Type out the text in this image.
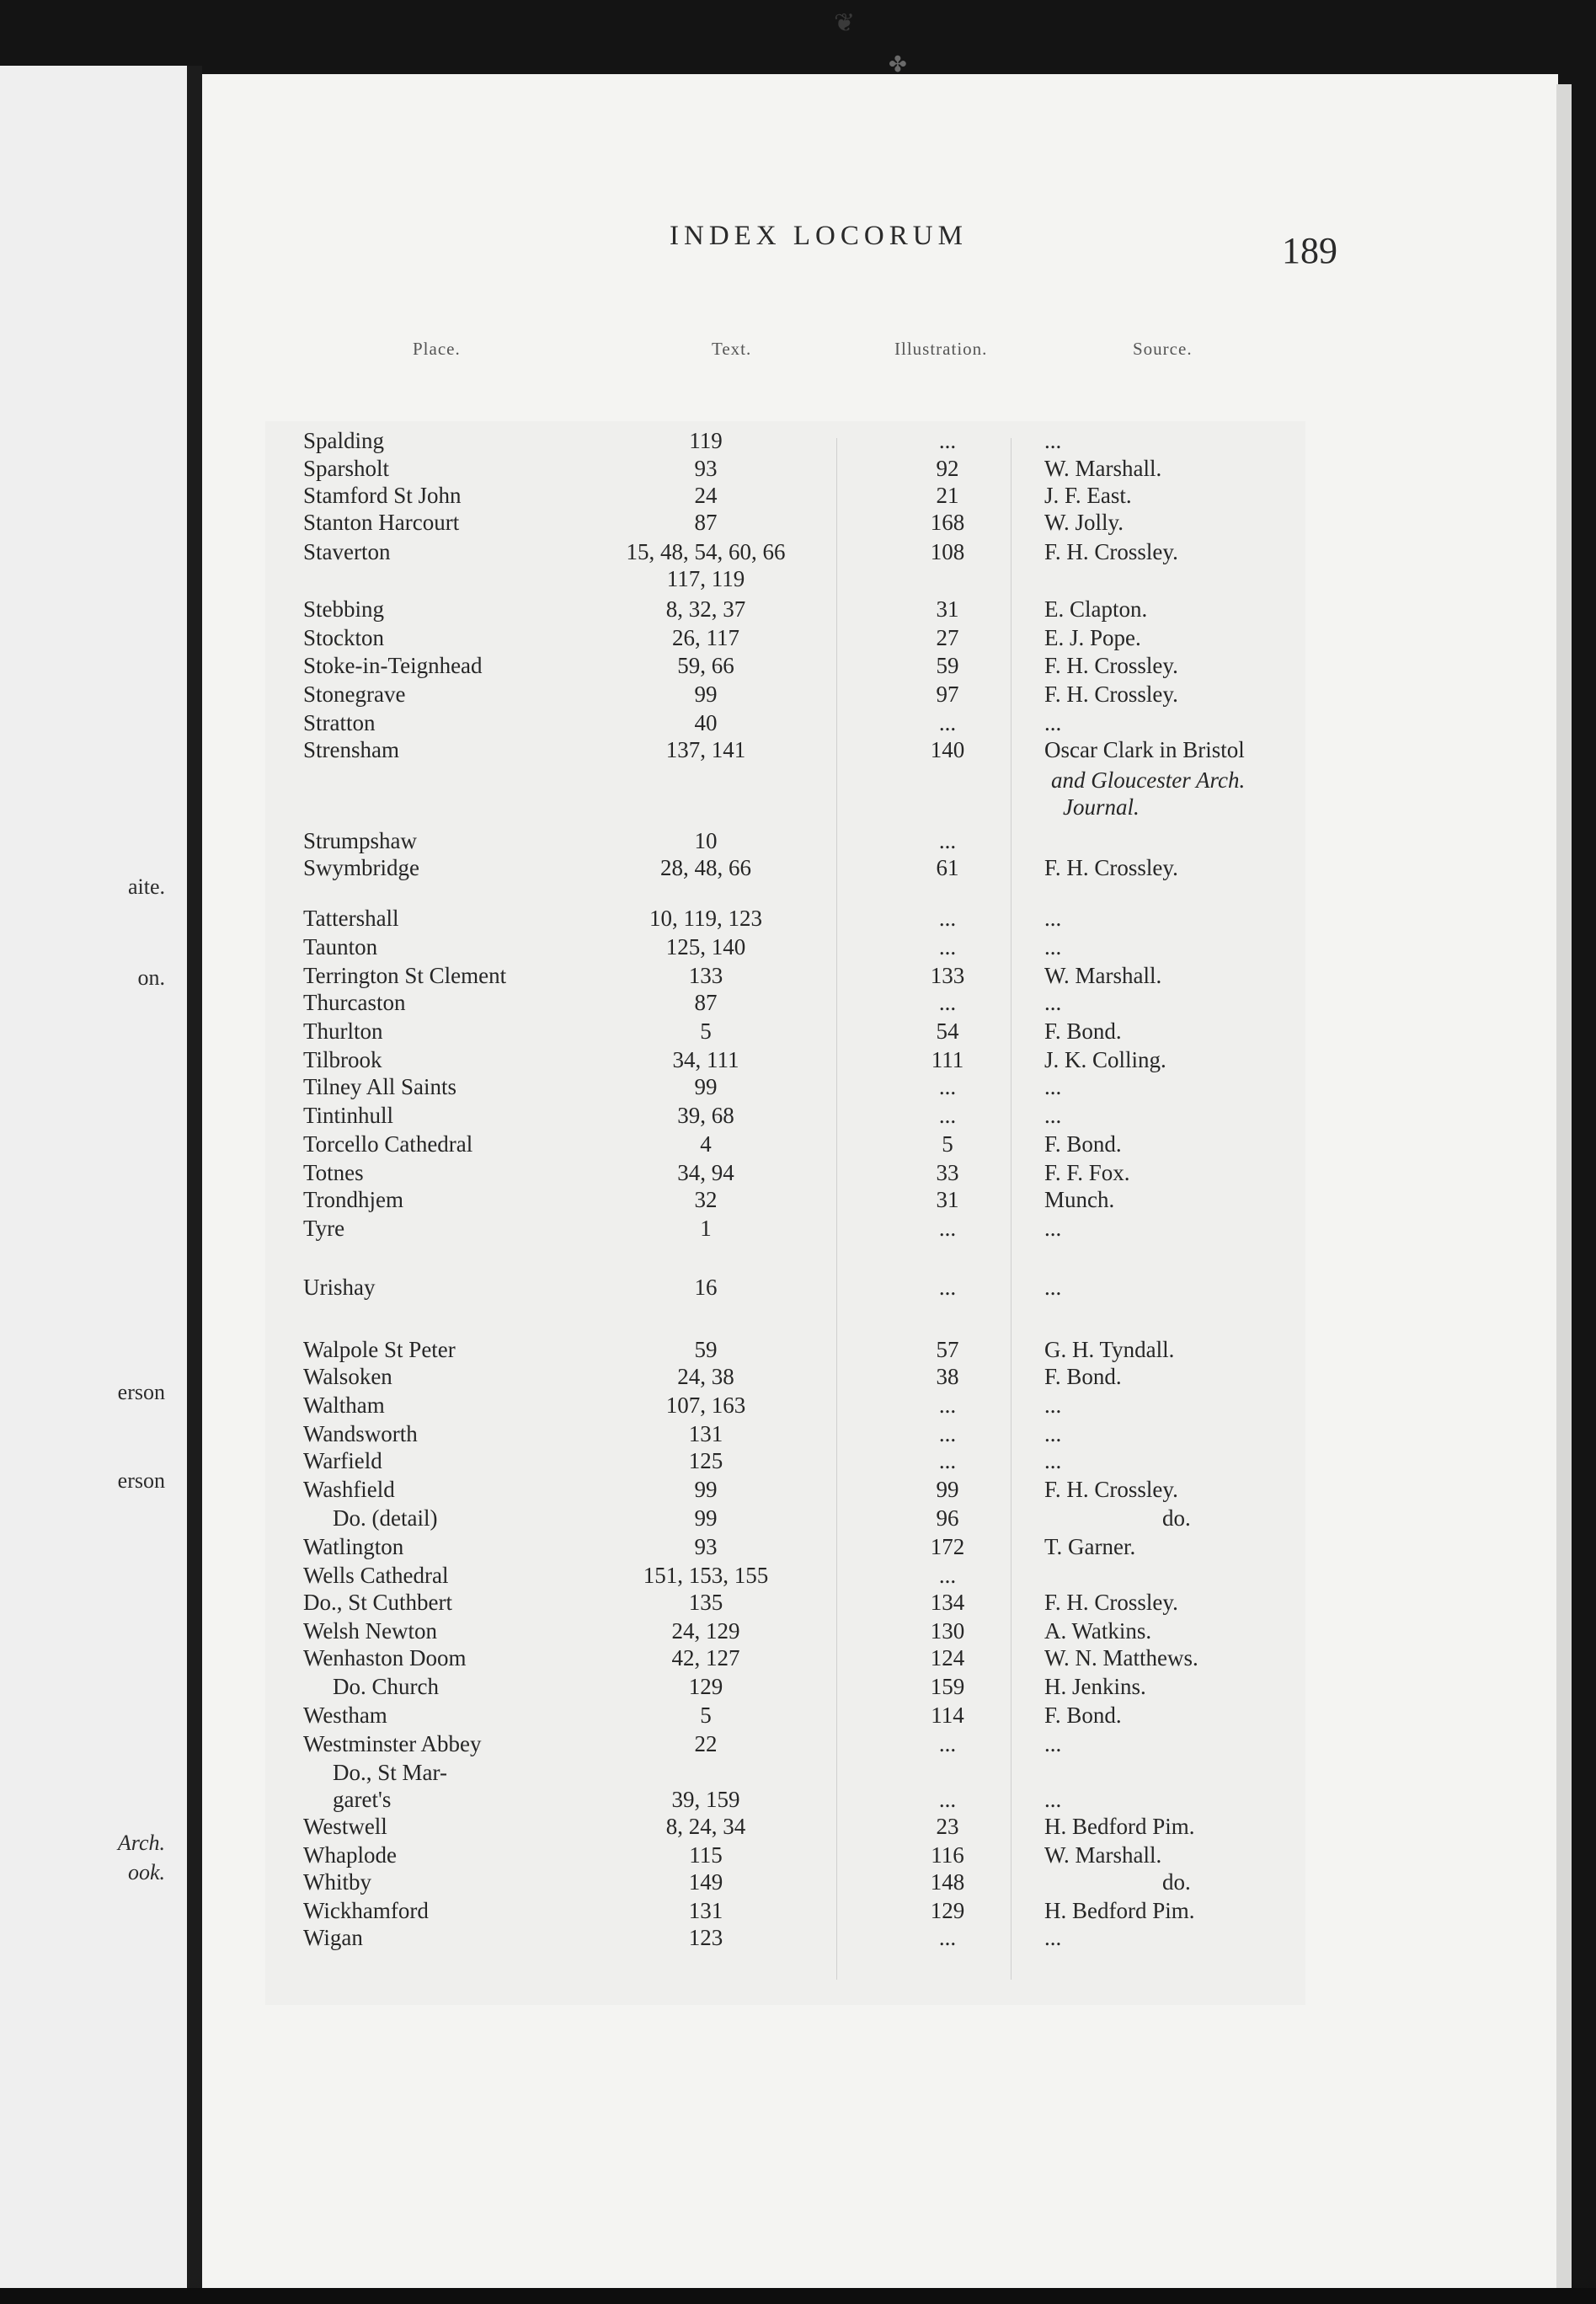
aite.
on.
erson
erson
Arch.
ook.
❦
✤
INDEX LOCORUM	189
Place.	Text.	Illustration.	Source.
Spalding	119	...	...
Sparsholt	93	92	W. Marshall.
Stamford St John	24	21	J. F. East.
Stanton Harcourt	87	168	W. Jolly.
Staverton	15, 48, 54, 60, 66	108	F. H. Crossley.
117, 119
Stebbing	8, 32, 37	31	E. Clapton.
Stockton	26, 117	27	E. J. Pope.
Stoke-in-Teignhead	59, 66	59	F. H. Crossley.
Stonegrave	99	97	F. H. Crossley.
Stratton	40	...	...
Strensham	137, 141	140	Oscar Clark in Bristol
and Gloucester Arch.
Journal.
Strumpshaw	10	...
Swymbridge	28, 48, 66	61	F. H. Crossley.
Tattershall	10, 119, 123	...	...
Taunton	125, 140	...	...
Terrington St Clement	133	133	W. Marshall.
Thurcaston	87	...	...
Thurlton	5	54	F. Bond.
Tilbrook	34, 111	111	J. K. Colling.
Tilney All Saints	99	...	...
Tintinhull	39, 68	...	...
Torcello Cathedral	4	5	F. Bond.
Totnes	34, 94	33	F. F. Fox.
Trondhjem	32	31	Munch.
Tyre	1	...	...
Urishay	16	...	...
Walpole St Peter	59	57	G. H. Tyndall.
Walsoken	24, 38	38	F. Bond.
Waltham	107, 163	...	...
Wandsworth	131	...	...
Warfield	125	...	...
Washfield	99	99	F. H. Crossley.
Do. (detail)	99	96	do.
Watlington	93	172	T. Garner.
Wells Cathedral	151, 153, 155	...
Do., St Cuthbert	135	134	F. H. Crossley.
Welsh Newton	24, 129	130	A. Watkins.
Wenhaston Doom	42, 127	124	W. N. Matthews.
Do. Church	129	159	H. Jenkins.
Westham	5	114	F. Bond.
Westminster Abbey	22	...	...
Do., St Mar-
garet's	39, 159	...	...
Westwell	8, 24, 34	23	H. Bedford Pim.
Whaplode	115	116	W. Marshall.
Whitby	149	148	do.
Wickhamford	131	129	H. Bedford Pim.
Wigan	123	...	...
